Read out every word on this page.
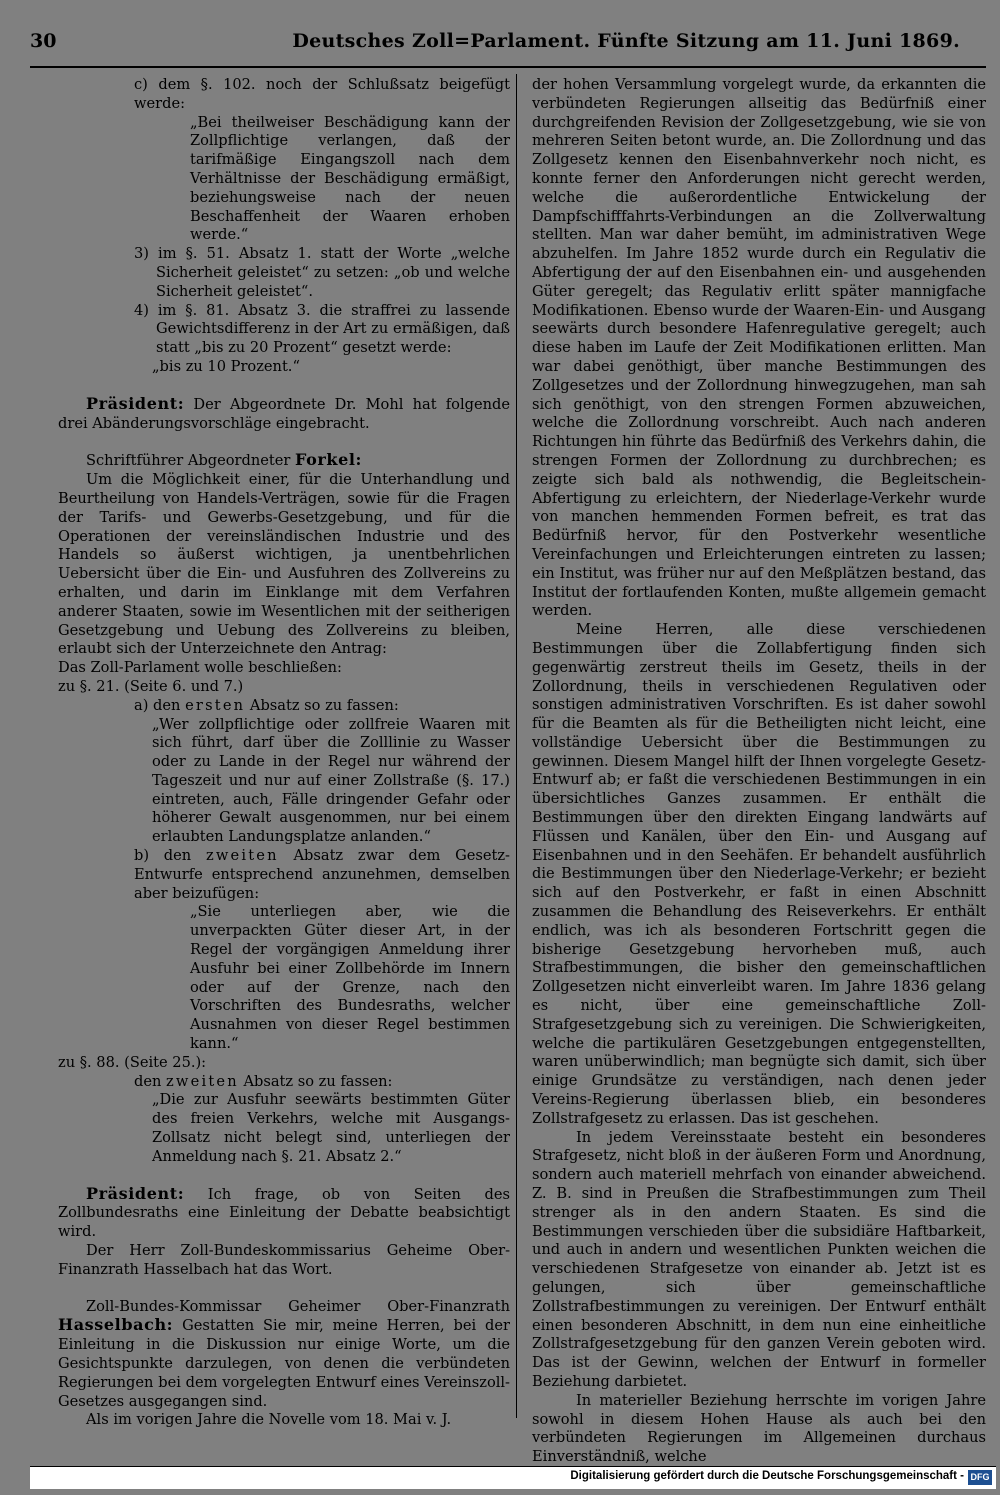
30	Deutsches Zoll=Parlament. Fünfte Sitzung am 11. Juni 1869.

c) dem §. 102. noch der Schlußsatz beigefügt werde:

„Bei theilweiser Beschädigung kann der Zollpflichtige verlangen, daß der tarifmäßige Eingangszoll nach dem Verhältnisse der Beschädigung ermäßigt, beziehungsweise nach der neuen Beschaffenheit der Waaren erhoben werde.“

3) im §. 51. Absatz 1. statt der Worte „welche Sicherheit geleistet“ zu setzen: „ob und welche Sicherheit geleistet“.

4) im §. 81. Absatz 3. die straffrei zu lassende Gewichtsdifferenz in der Art zu ermäßigen, daß statt „bis zu 20 Prozent“ gesetzt werde:

„bis zu 10 Prozent.“

Präsident: Der Abgeordnete Dr. Mohl hat folgende drei Abänderungsvorschläge eingebracht.

Schriftführer Abgeordneter Forkel:

Um die Möglichkeit einer, für die Unterhandlung und Beurtheilung von Handels-Verträgen, sowie für die Fragen der Tarifs- und Gewerbs-Gesetzgebung, und für die Operationen der vereinsländischen Industrie und des Handels so äußerst wichtigen, ja unentbehrlichen Uebersicht über die Ein- und Ausfuhren des Zollvereins zu erhalten, und darin im Einklange mit dem Verfahren anderer Staaten, sowie im Wesentlichen mit der seitherigen Gesetzgebung und Uebung des Zollvereins zu bleiben, erlaubt sich der Unterzeichnete den Antrag:

Das Zoll-Parlament wolle beschließen:

zu §. 21. (Seite 6. und 7.)

a) den ersten Absatz so zu fassen:

„Wer zollpflichtige oder zollfreie Waaren mit sich führt, darf über die Zolllinie zu Wasser oder zu Lande in der Regel nur während der Tageszeit und nur auf einer Zollstraße (§. 17.) eintreten, auch, Fälle dringender Gefahr oder höherer Gewalt ausgenommen, nur bei einem erlaubten Landungsplatze anlanden.“

b) den zweiten Absatz zwar dem Gesetz-Entwurfe entsprechend anzunehmen, demselben aber beizufügen:

„Sie unterliegen aber, wie die unverpackten Güter dieser Art, in der Regel der vorgängigen Anmeldung ihrer Ausfuhr bei einer Zollbehörde im Innern oder auf der Grenze, nach den Vorschriften des Bundesraths, welcher Ausnahmen von dieser Regel bestimmen kann.“

zu §. 88. (Seite 25.):

den zweiten Absatz so zu fassen:

„Die zur Ausfuhr seewärts bestimmten Güter des freien Verkehrs, welche mit Ausgangs-Zollsatz nicht belegt sind, unterliegen der Anmeldung nach §. 21. Absatz 2.“

Präsident: Ich frage, ob von Seiten des Zollbundesraths eine Einleitung der Debatte beabsichtigt wird.

Der Herr Zoll-Bundeskommissarius Geheime Ober-Finanzrath Hasselbach hat das Wort.

Zoll-Bundes-Kommissar Geheimer Ober-Finanzrath Hasselbach: Gestatten Sie mir, meine Herren, bei der Einleitung in die Diskussion nur einige Worte, um die Gesichtspunkte darzulegen, von denen die verbündeten Regierungen bei dem vorgelegten Entwurf eines Vereinszoll-Gesetzes ausgegangen sind.

Als im vorigen Jahre die Novelle vom 18. Mai v. J.

der hohen Versammlung vorgelegt wurde, da erkannten die verbündeten Regierungen allseitig das Bedürfniß einer durchgreifenden Revision der Zollgesetzgebung, wie sie von mehreren Seiten betont wurde, an. Die Zollordnung und das Zollgesetz kennen den Eisenbahnverkehr noch nicht, es konnte ferner den Anforderungen nicht gerecht werden, welche die außerordentliche Entwickelung der Dampfschifffahrts-Verbindungen an die Zollverwaltung stellten. Man war daher bemüht, im administrativen Wege abzuhelfen. Im Jahre 1852 wurde durch ein Regulativ die Abfertigung der auf den Eisenbahnen ein- und ausgehenden Güter geregelt; das Regulativ erlitt später mannigfache Modifikationen. Ebenso wurde der Waaren-Ein- und Ausgang seewärts durch besondere Hafenregulative geregelt; auch diese haben im Laufe der Zeit Modifikationen erlitten. Man war dabei genöthigt, über manche Bestimmungen des Zollgesetzes und der Zollordnung hinwegzugehen, man sah sich genöthigt, von den strengen Formen abzuweichen, welche die Zollordnung vorschreibt. Auch nach anderen Richtungen hin führte das Bedürfniß des Verkehrs dahin, die strengen Formen der Zollordnung zu durchbrechen; es zeigte sich bald als nothwendig, die Begleitschein-Abfertigung zu erleichtern, der Niederlage-Verkehr wurde von manchen hemmenden Formen befreit, es trat das Bedürfniß hervor, für den Postverkehr wesentliche Vereinfachungen und Erleichterungen eintreten zu lassen; ein Institut, was früher nur auf den Meßplätzen bestand, das Institut der fortlaufenden Konten, mußte allgemein gemacht werden.

Meine Herren, alle diese verschiedenen Bestimmungen über die Zollabfertigung finden sich gegenwärtig zerstreut theils im Gesetz, theils in der Zollordnung, theils in verschiedenen Regulativen oder sonstigen administrativen Vorschriften. Es ist daher sowohl für die Beamten als für die Betheiligten nicht leicht, eine vollständige Uebersicht über die Bestimmungen zu gewinnen. Diesem Mangel hilft der Ihnen vorgelegte Gesetz-Entwurf ab; er faßt die verschiedenen Bestimmungen in ein übersichtliches Ganzes zusammen. Er enthält die Bestimmungen über den direkten Eingang landwärts auf Flüssen und Kanälen, über den Ein- und Ausgang auf Eisenbahnen und in den Seehäfen. Er behandelt ausführlich die Bestimmungen über den Niederlage-Verkehr; er bezieht sich auf den Postverkehr, er faßt in einen Abschnitt zusammen die Behandlung des Reiseverkehrs. Er enthält endlich, was ich als besonderen Fortschritt gegen die bisherige Gesetzgebung hervorheben muß, auch Strafbestimmungen, die bisher den gemeinschaftlichen Zollgesetzen nicht einverleibt waren. Im Jahre 1836 gelang es nicht, über eine gemeinschaftliche Zoll-Strafgesetzgebung sich zu vereinigen. Die Schwierigkeiten, welche die partikulären Gesetzgebungen entgegenstellten, waren unüberwindlich; man begnügte sich damit, sich über einige Grundsätze zu verständigen, nach denen jeder Vereins-Regierung überlassen blieb, ein besonderes Zollstrafgesetz zu erlassen. Das ist geschehen.

In jedem Vereinsstaate besteht ein besonderes Strafgesetz, nicht bloß in der äußeren Form und Anordnung, sondern auch materiell mehrfach von einander abweichend. Z. B. sind in Preußen die Strafbestimmungen zum Theil strenger als in den andern Staaten. Es sind die Bestimmungen verschieden über die subsidiäre Haftbarkeit, und auch in andern und wesentlichen Punkten weichen die verschiedenen Strafgesetze von einander ab. Jetzt ist es gelungen, sich über gemeinschaftliche Zollstrafbestimmungen zu vereinigen. Der Entwurf enthält einen besonderen Abschnitt, in dem nun eine einheitliche Zollstrafgesetzgebung für den ganzen Verein geboten wird. Das ist der Gewinn, welchen der Entwurf in formeller Beziehung darbietet.

In materieller Beziehung herrschte im vorigen Jahre sowohl in diesem Hohen Hause als auch bei den verbündeten Regierungen im Allgemeinen durchaus Einverständniß, welche

Digitalisierung gefördert durch die Deutsche Forschungsgemeinschaft - DFG
